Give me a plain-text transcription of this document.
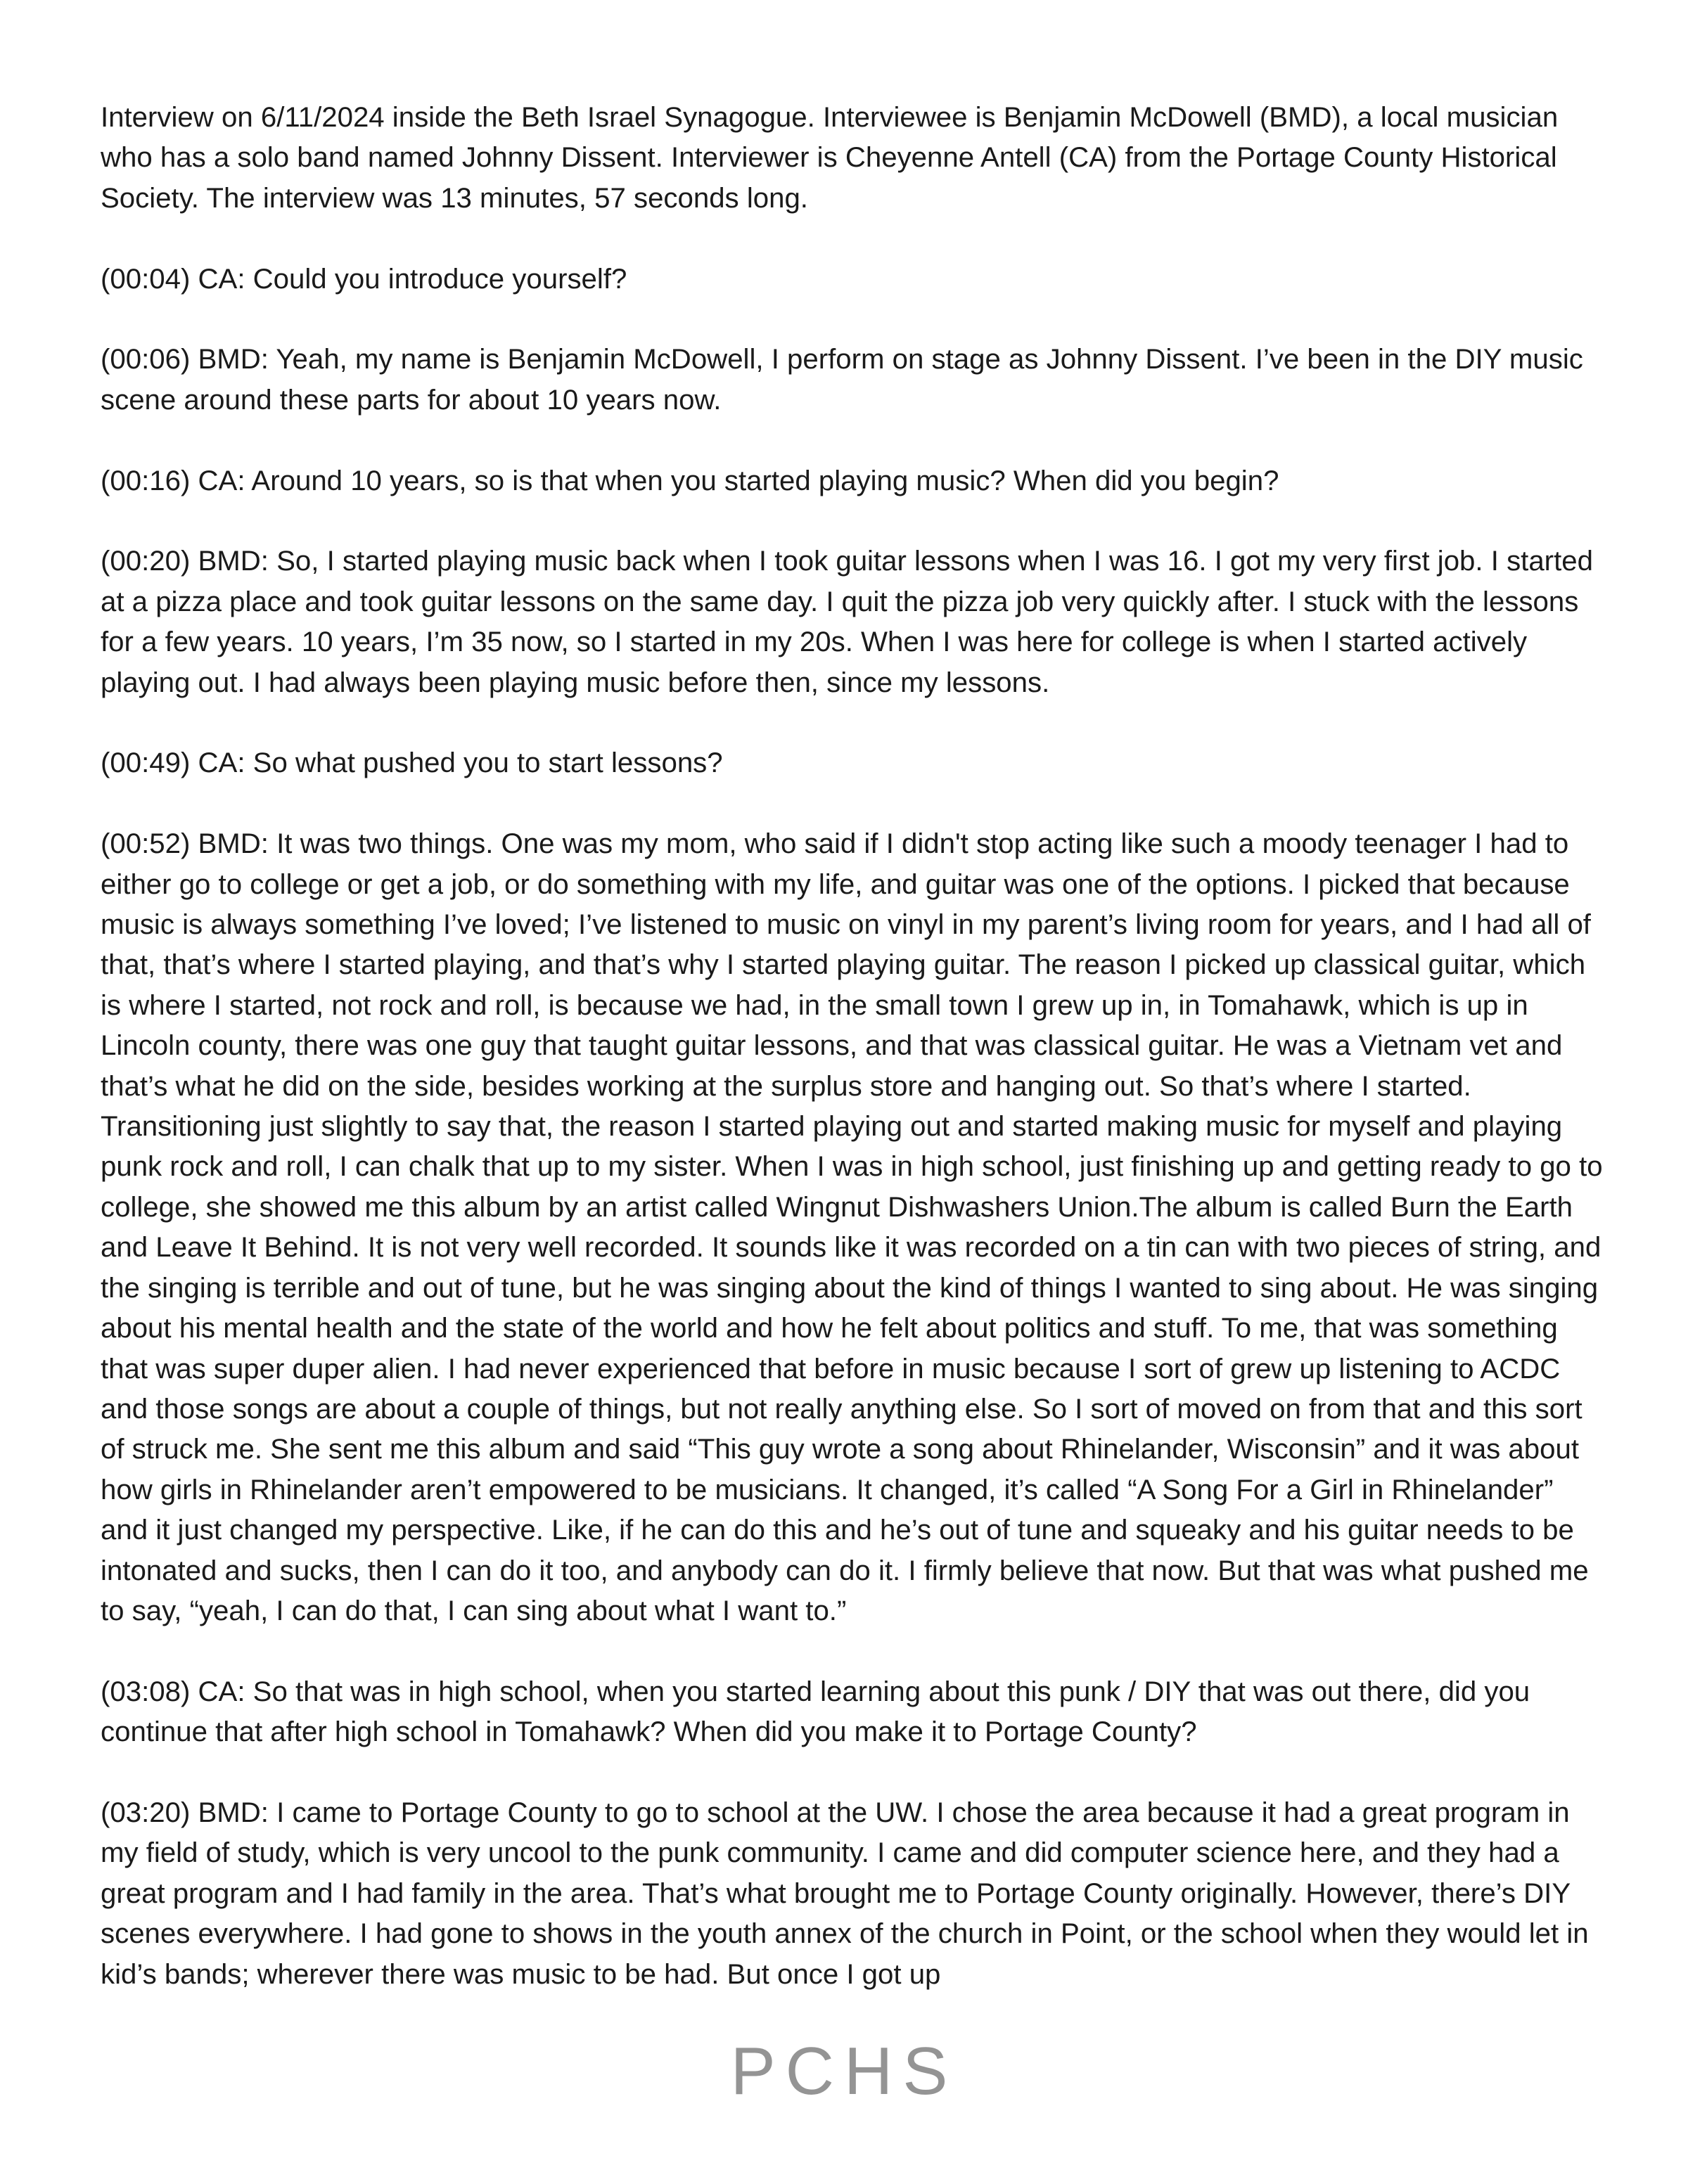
Interview on 6/11/2024 inside the Beth Israel Synagogue. Interviewee is Benjamin McDowell (BMD), a local musician who has a solo band named Johnny Dissent. Interviewer is Cheyenne Antell (CA) from the Portage County Historical Society. The interview was 13 minutes, 57 seconds long.

(00:04) CA: Could you introduce yourself?

(00:06) BMD: Yeah, my name is Benjamin McDowell, I perform on stage as Johnny Dissent. I’ve been in the DIY music scene around these parts for about 10 years now.

(00:16) CA: Around 10 years, so is that when you started playing music? When did you begin?

(00:20) BMD: So, I started playing music back when I took guitar lessons when I was 16. I got my very first job. I started at a pizza place and took guitar lessons on the same day. I quit the pizza job very quickly after. I stuck with the lessons for a few years. 10 years, I’m 35 now, so I started in my 20s. When I was here for college is when I started actively playing out. I had always been playing music before then, since my lessons.

(00:49) CA: So what pushed you to start lessons?

(00:52) BMD: It was two things. One was my mom, who said if I didn't stop acting like such a moody teenager I had to either go to college or get a job, or do something with my life, and guitar was one of the options. I picked that because music is always something I’ve loved; I’ve listened to music on vinyl in my parent’s living room for years, and I had all of that, that’s where I started playing, and that’s why I started playing guitar. The reason I picked up classical guitar, which is where I started, not rock and roll, is because we had, in the small town I grew up in, in Tomahawk, which is up in Lincoln county, there was one guy that taught guitar lessons, and that was classical guitar. He was a Vietnam vet and that’s what he did on the side, besides working at the surplus store and hanging out. So that’s where I started. Transitioning just slightly to say that, the reason I started playing out and started making music for myself and playing punk rock and roll, I can chalk that up to my sister. When I was in high school, just finishing up and getting ready to go to college, she showed me this album by an artist called Wingnut Dishwashers Union.The album is called Burn the Earth and Leave It Behind. It is not very well recorded. It sounds like it was recorded on a tin can with two pieces of string, and the singing is terrible and out of tune, but he was singing about the kind of things I wanted to sing about. He was singing about his mental health and the state of the world and how he felt about politics and stuff. To me, that was something that was super duper alien. I had never experienced that before in music because I sort of grew up listening to ACDC and those songs are about a couple of things, but not really anything else. So I sort of moved on from that and this sort of struck me. She sent me this album and said “This guy wrote a song about Rhinelander, Wisconsin” and it was about how girls in Rhinelander aren’t empowered to be musicians. It changed, it’s called “A Song For a Girl in Rhinelander” and it just changed my perspective. Like, if he can do this and he’s out of tune and squeaky and his guitar needs to be intonated and sucks, then I can do it too, and anybody can do it. I firmly believe that now. But that was what pushed me to say, “yeah, I can do that, I can sing about what I want to.”

(03:08) CA: So that was in high school, when you started learning about this punk / DIY that was out there, did you continue that after high school in Tomahawk? When did you make it to Portage County?

(03:20) BMD: I came to Portage County to go to school at the UW. I chose the area because it had a great program in my field of study, which is very uncool to the punk community. I came and did computer science here, and they had a great program and I had family in the area. That’s what brought me to Portage County originally. However, there’s DIY scenes everywhere. I had gone to shows in the youth annex of the church in Point, or the school when they would let in kid’s bands; wherever there was music to be had. But once I got up

PCHS
